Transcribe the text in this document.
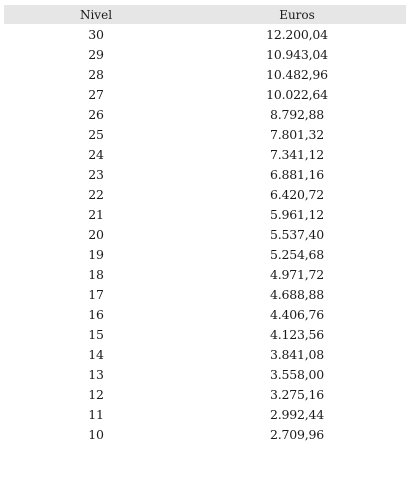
Nivel	Euros
30	12.200,04
29	10.943,04
28	10.482,96
27	10.022,64
26	8.792,88
25	7.801,32
24	7.341,12
23	6.881,16
22	6.420,72
21	5.961,12
20	5.537,40
19	5.254,68
18	4.971,72
17	4.688,88
16	4.406,76
15	4.123,56
14	3.841,08
13	3.558,00
12	3.275,16
11	2.992,44
10	2.709,96
